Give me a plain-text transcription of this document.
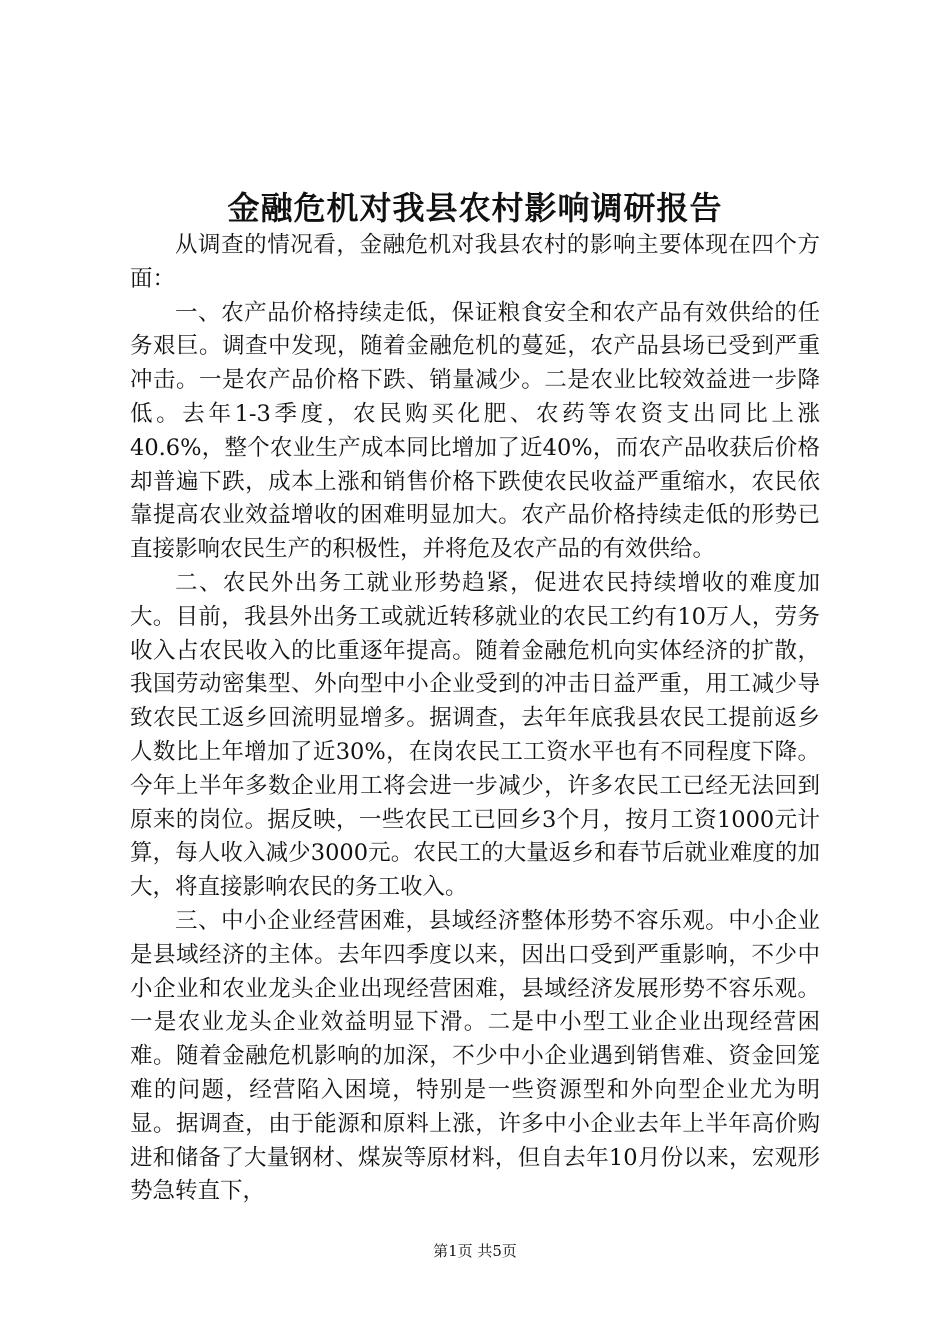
金融危机对我县农村影响调研报告

从调查的情况看，金融危机对我县农村的影响主要体现在四个方面：

一、农产品价格持续走低，保证粮食安全和农产品有效供给的任务艰巨。调查中发现，随着金融危机的蔓延，农产品县场已受到严重冲击。一是农产品价格下跌、销量减少。二是农业比较效益进一步降低。去年1-3季度，农民购买化肥、农药等农资支出同比上涨40.6%，整个农业生产成本同比增加了近40%，而农产品收获后价格却普遍下跌，成本上涨和销售价格下跌使农民收益严重缩水，农民依靠提高农业效益增收的困难明显加大。农产品价格持续走低的形势已直接影响农民生产的积极性，并将危及农产品的有效供给。

二、农民外出务工就业形势趋紧，促进农民持续增收的难度加大。目前，我县外出务工或就近转移就业的农民工约有10万人，劳务收入占农民收入的比重逐年提高。随着金融危机向实体经济的扩散，我国劳动密集型、外向型中小企业受到的冲击日益严重，用工减少导致农民工返乡回流明显增多。据调查，去年年底我县农民工提前返乡人数比上年增加了近30%，在岗农民工工资水平也有不同程度下降。今年上半年多数企业用工将会进一步减少，许多农民工已经无法回到原来的岗位。据反映，一些农民工已回乡3个月，按月工资1000元计算，每人收入减少3000元。农民工的大量返乡和春节后就业难度的加大，将直接影响农民的务工收入。

三、中小企业经营困难，县域经济整体形势不容乐观。中小企业是县域经济的主体。去年四季度以来，因出口受到严重影响，不少中小企业和农业龙头企业出现经营困难，县域经济发展形势不容乐观。一是农业龙头企业效益明显下滑。二是中小型工业企业出现经营困难。随着金融危机影响的加深，不少中小企业遇到销售难、资金回笼难的问题，经营陷入困境，特别是一些资源型和外向型企业尤为明显。据调查，由于能源和原料上涨，许多中小企业去年上半年高价购进和储备了大量钢材、煤炭等原材料，但自去年10月份以来，宏观形势急转直下，

第1页 共5页
